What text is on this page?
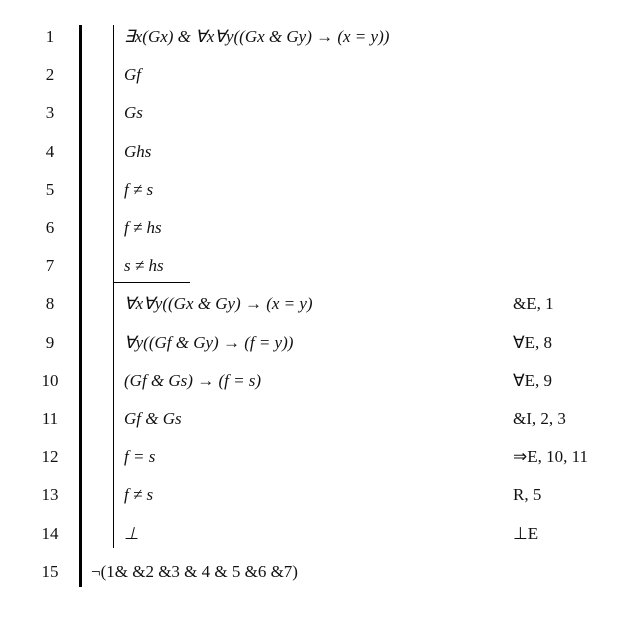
1	∃x(Gx) & ∀x∀y((Gx & Gy) → (x = y))
2	Gf
3	Gs
4	Ghs
5	f ≠ s
6	f ≠ hs
7	s ≠ hs
8	∀x∀y((Gx & Gy) → (x = y)	&E, 1
9	∀y((Gf & Gy) → (f = y))	∀E, 8
10	(Gf & Gs) → (f = s)	∀E, 9
11	Gf & Gs	&I, 2, 3
12	f = s	⇒E, 10, 11
13	f ≠ s	R, 5
14	⊥	⊥E
15	¬(1& &2 &3 & 4 & 5 &6 &7)
